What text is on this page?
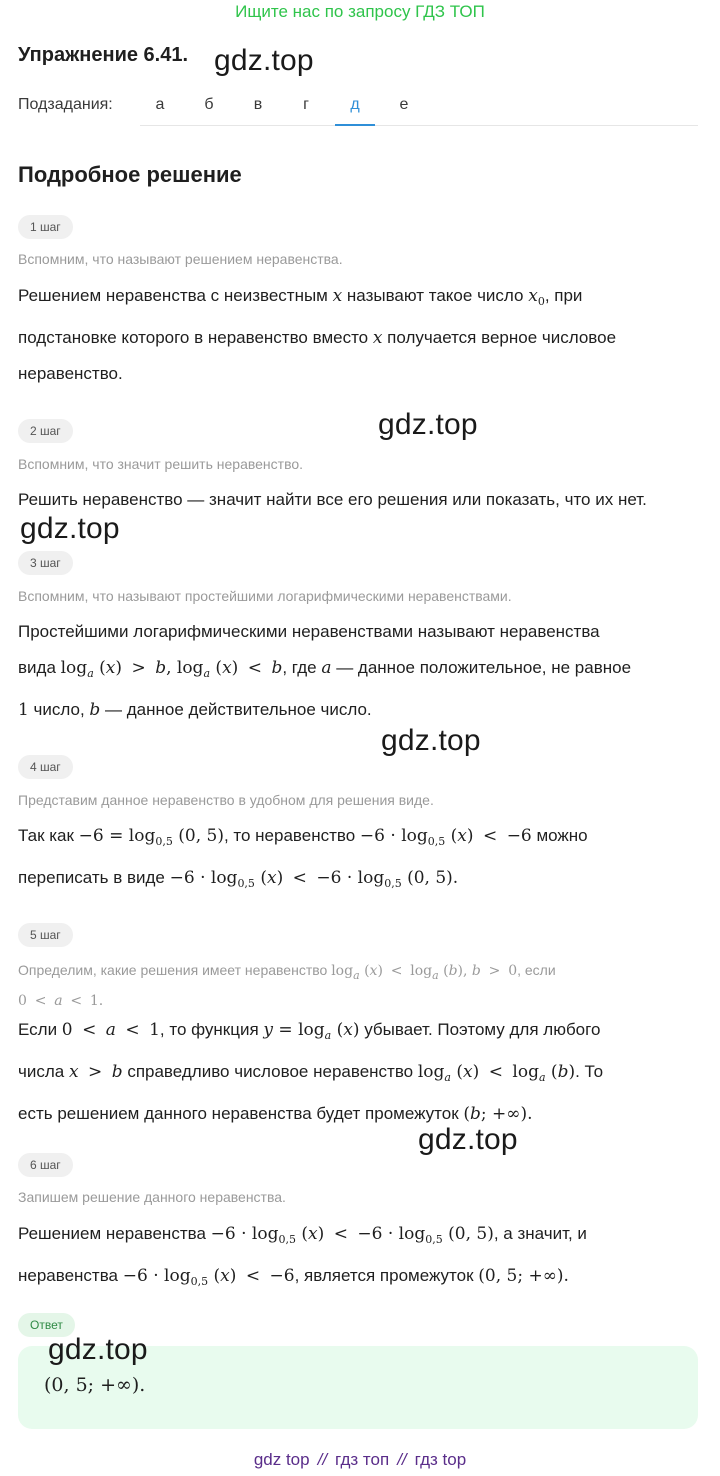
Ищите нас по запросу ГДЗ ТОП
Упражнение 6.41. gdz.top
Подзадания:	а	б	в	г	д	е
Подробное решение
1 шаг
Вспомним, что называют решением неравенства.
Решением неравенства с неизвестным x называют такое число $x_0$, при
подстановке которого в неравенство вместо x получается верное числовое
неравенство.
2 шаг	gdz.top
Вспомним, что значит решить неравенство.
Решить неравенство — значит найти все его решения или показать, что их нет.
gdz.top
3 шаг
Вспомним, что называют простейшими логарифмическими неравенствами.
Простейшими логарифмическими неравенствами называют неравенства
вида $\log_a (x) > b$, $\log_a (x) < b$, где a — данное положительное, не равное
1 число, b — данное действительное число.
gdz.top
4 шаг
Представим данное неравенство в удобном для решения виде.
Так как $-6 = \log_{0,5} (0$, 5), то неравенство $-6 \cdot \log_{0,5} (x) < -6$ можно
переписать в виде $-6 \cdot \log_{0,5} (x) < -6 \cdot \log_{0,5} (0$, 5).
5 шаг
Определим, какие решения имеет неравенство $\log_a (x) < \log_a (b)$, b > 0, если
0 < a < 1.
Если 0 < a < 1, то функция $y = \log_a (x)$ убывает. Поэтому для любого
числа x > b справедливо числовое неравенство $\log_a (x) < \log_a (b)$. То
есть решением данного неравенства будет промежуток (b; +∞).
gdz.top
6 шаг
Запишем решение данного неравенства.
Решением неравенства $-6 \cdot \log_{0,5} (x) < -6 \cdot \log_{0,5} (0$, 5), а значит, и
неравенства $-6 \cdot \log_{0,5} (x) < -6$, является промежуток (0, 5; +∞).
Ответ
gdz.top
(0, 5; +∞).
gdz top // гдз топ // гдз top
